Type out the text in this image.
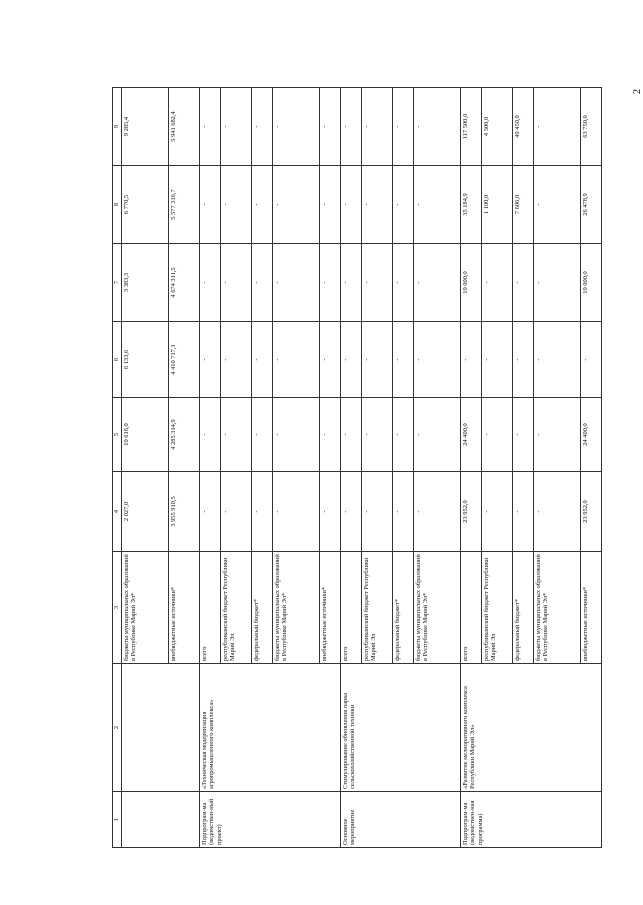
2
1	2	3	4	5	6	7	8	9
		бюджеты муниципальных образований в Республике Марий Эл*	2 027,0	10 616,0	6 133,6	3 383,3	6 770,5	9 285,4
		внебюджетные источники*	3 955 910,5	4 285 314,9	4 410 717,1	4 674 311,5	5 577 316,7	5 941 682,4
Подпрограм-ма (ведомствен-ный проект)	«Техническая модернизация агропромышленного комплекса»	всего	-	-	-	-	-	-
		республиканский бюджет Республики Марий Эл	-	-	-	-	-	-
		федеральный бюджет*	-	-	-	-	-	-
		бюджеты муниципальных образований в Республике Марий Эл*	-	-	-	-	-	-
		внебюджетные источники*	-	-	-	-	-	-
Основное мероприятие	Стимулирование обновления парка сельскохозяйственной техники	всего	-	-	-	-	-	-
		республиканский бюджет Республики Марий Эл	-	-	-	-	-	-
		федеральный бюджет*	-	-	-	-	-	-
		бюджеты муниципальных образований в Республике Марий Эл*	-	-	-	-	-	-
Подпрограм-ма (ведомствен-ная программа)	«Развитие мелиоративного комплекса Республики Марий Эл»	всего	23 952,0	24 400,0	-	10 000,0	35 184,9	117 500,0
		республиканский бюджет Республики Марий Эл	-	-	-	-	1 100,0	4 300,0
		федеральный бюджет*	-	-	-	-	7 606,0	49 450,0
		бюджеты муниципальных образований в Республике Марий Эл*	-	-	-	-	-	-
		внебюджетные источники*	23 952,0	24 400,0	-	10 000,0	26 478,9	63 750,0
